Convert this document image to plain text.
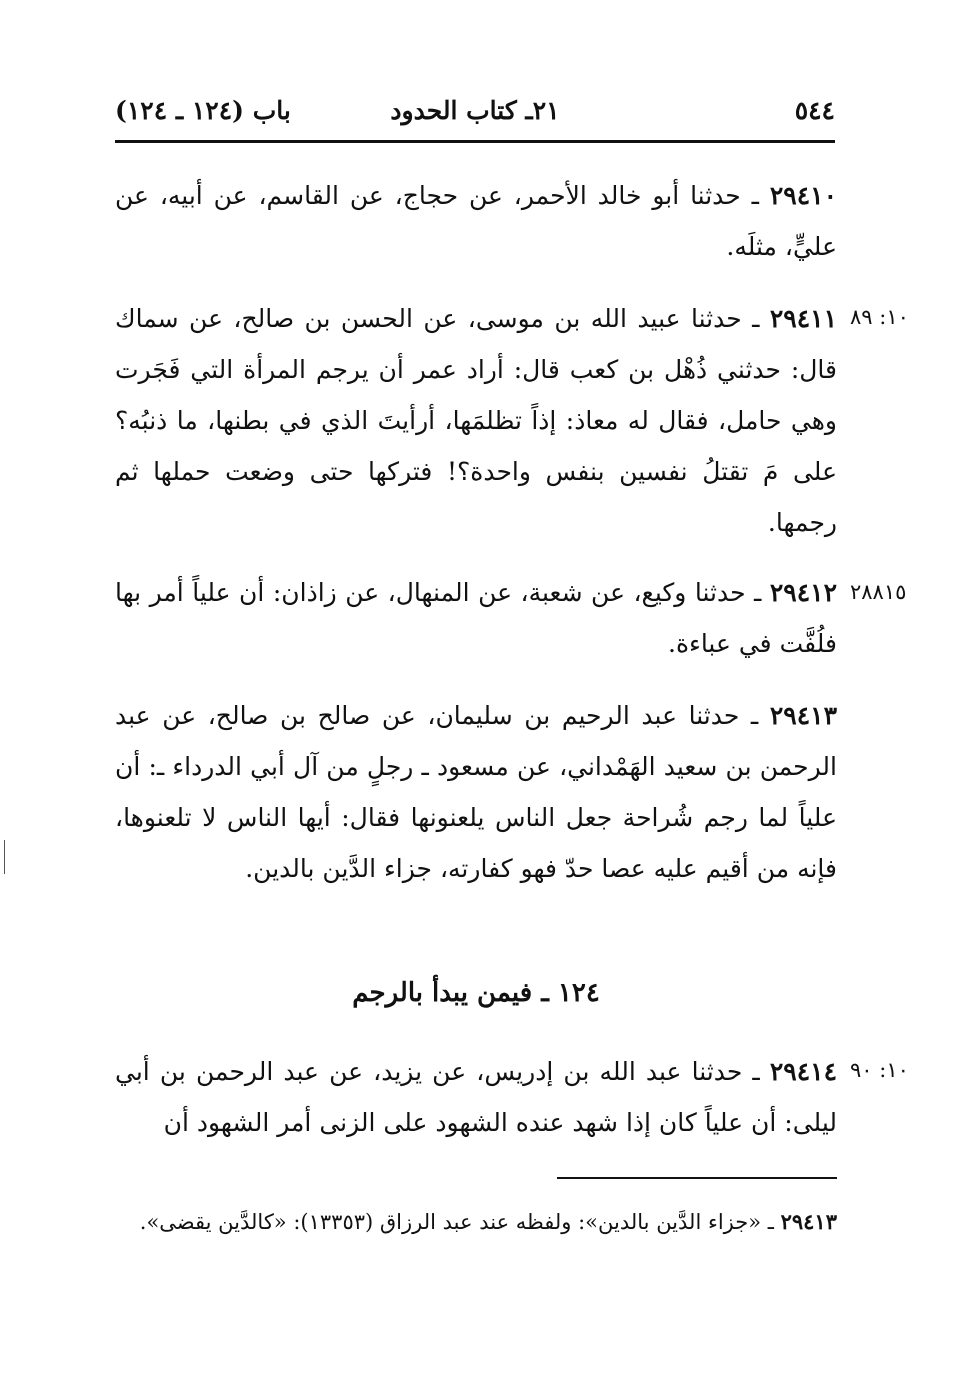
٥٤٤
٢١ـ كتاب الحدود
باب (١٢٤ ـ ١٢٤)

٢٩٤١٠ ـ حدثنا أبو خالد الأحمر، عن حجاج، عن القاسم، عن أبيه، عن عليٍّ، مثلَه.

١٠: ٨٩

٢٩٤١١ ـ حدثنا عبيد الله بن موسى، عن الحسن بن صالح، عن سماك قال: حدثني ذُهْل بن كعب قال: أراد عمر أن يرجم المرأة التي فَجَرت وهي حامل، فقال له معاذ: إذاً تظلمَها، أرأيتَ الذي في بطنها، ما ذنبُه؟ على مَ تقتلُ نفسين بنفس واحدة؟! فتركها حتى وضعت حملها ثم رجمها.

٢٨٨١٥

٢٩٤١٢ ـ حدثنا وكيع، عن شعبة، عن المنهال، عن زاذان: أن علياً أمر بها فلُفَّت في عباءة.

٢٩٤١٣ ـ حدثنا عبد الرحيم بن سليمان، عن صالح بن صالح، عن عبد الرحمن بن سعيد الهَمْداني، عن مسعود ـ رجلٍ من آل أبي الدرداء ـ: أن علياً لما رجم شُراحة جعل الناس يلعنونها فقال: أيها الناس لا تلعنوها، فإنه من أقيم عليه عصا حدّ فهو كفارته، جزاء الدَّين بالدين.

١٢٤ ـ فيمن يبدأ بالرجم
١٠: ٩٠

٢٩٤١٤ ـ حدثنا عبد الله بن إدريس، عن يزيد، عن عبد الرحمن بن أبي ليلى: أن علياً كان إذا شهد عنده الشهود على الزنى أمر الشهود أن

٢٩٤١٣ ـ «جزاء الدَّين بالدين»: ولفظه عند عبد الرزاق (١٣٣٥٣): «كالدَّين يقضى».
